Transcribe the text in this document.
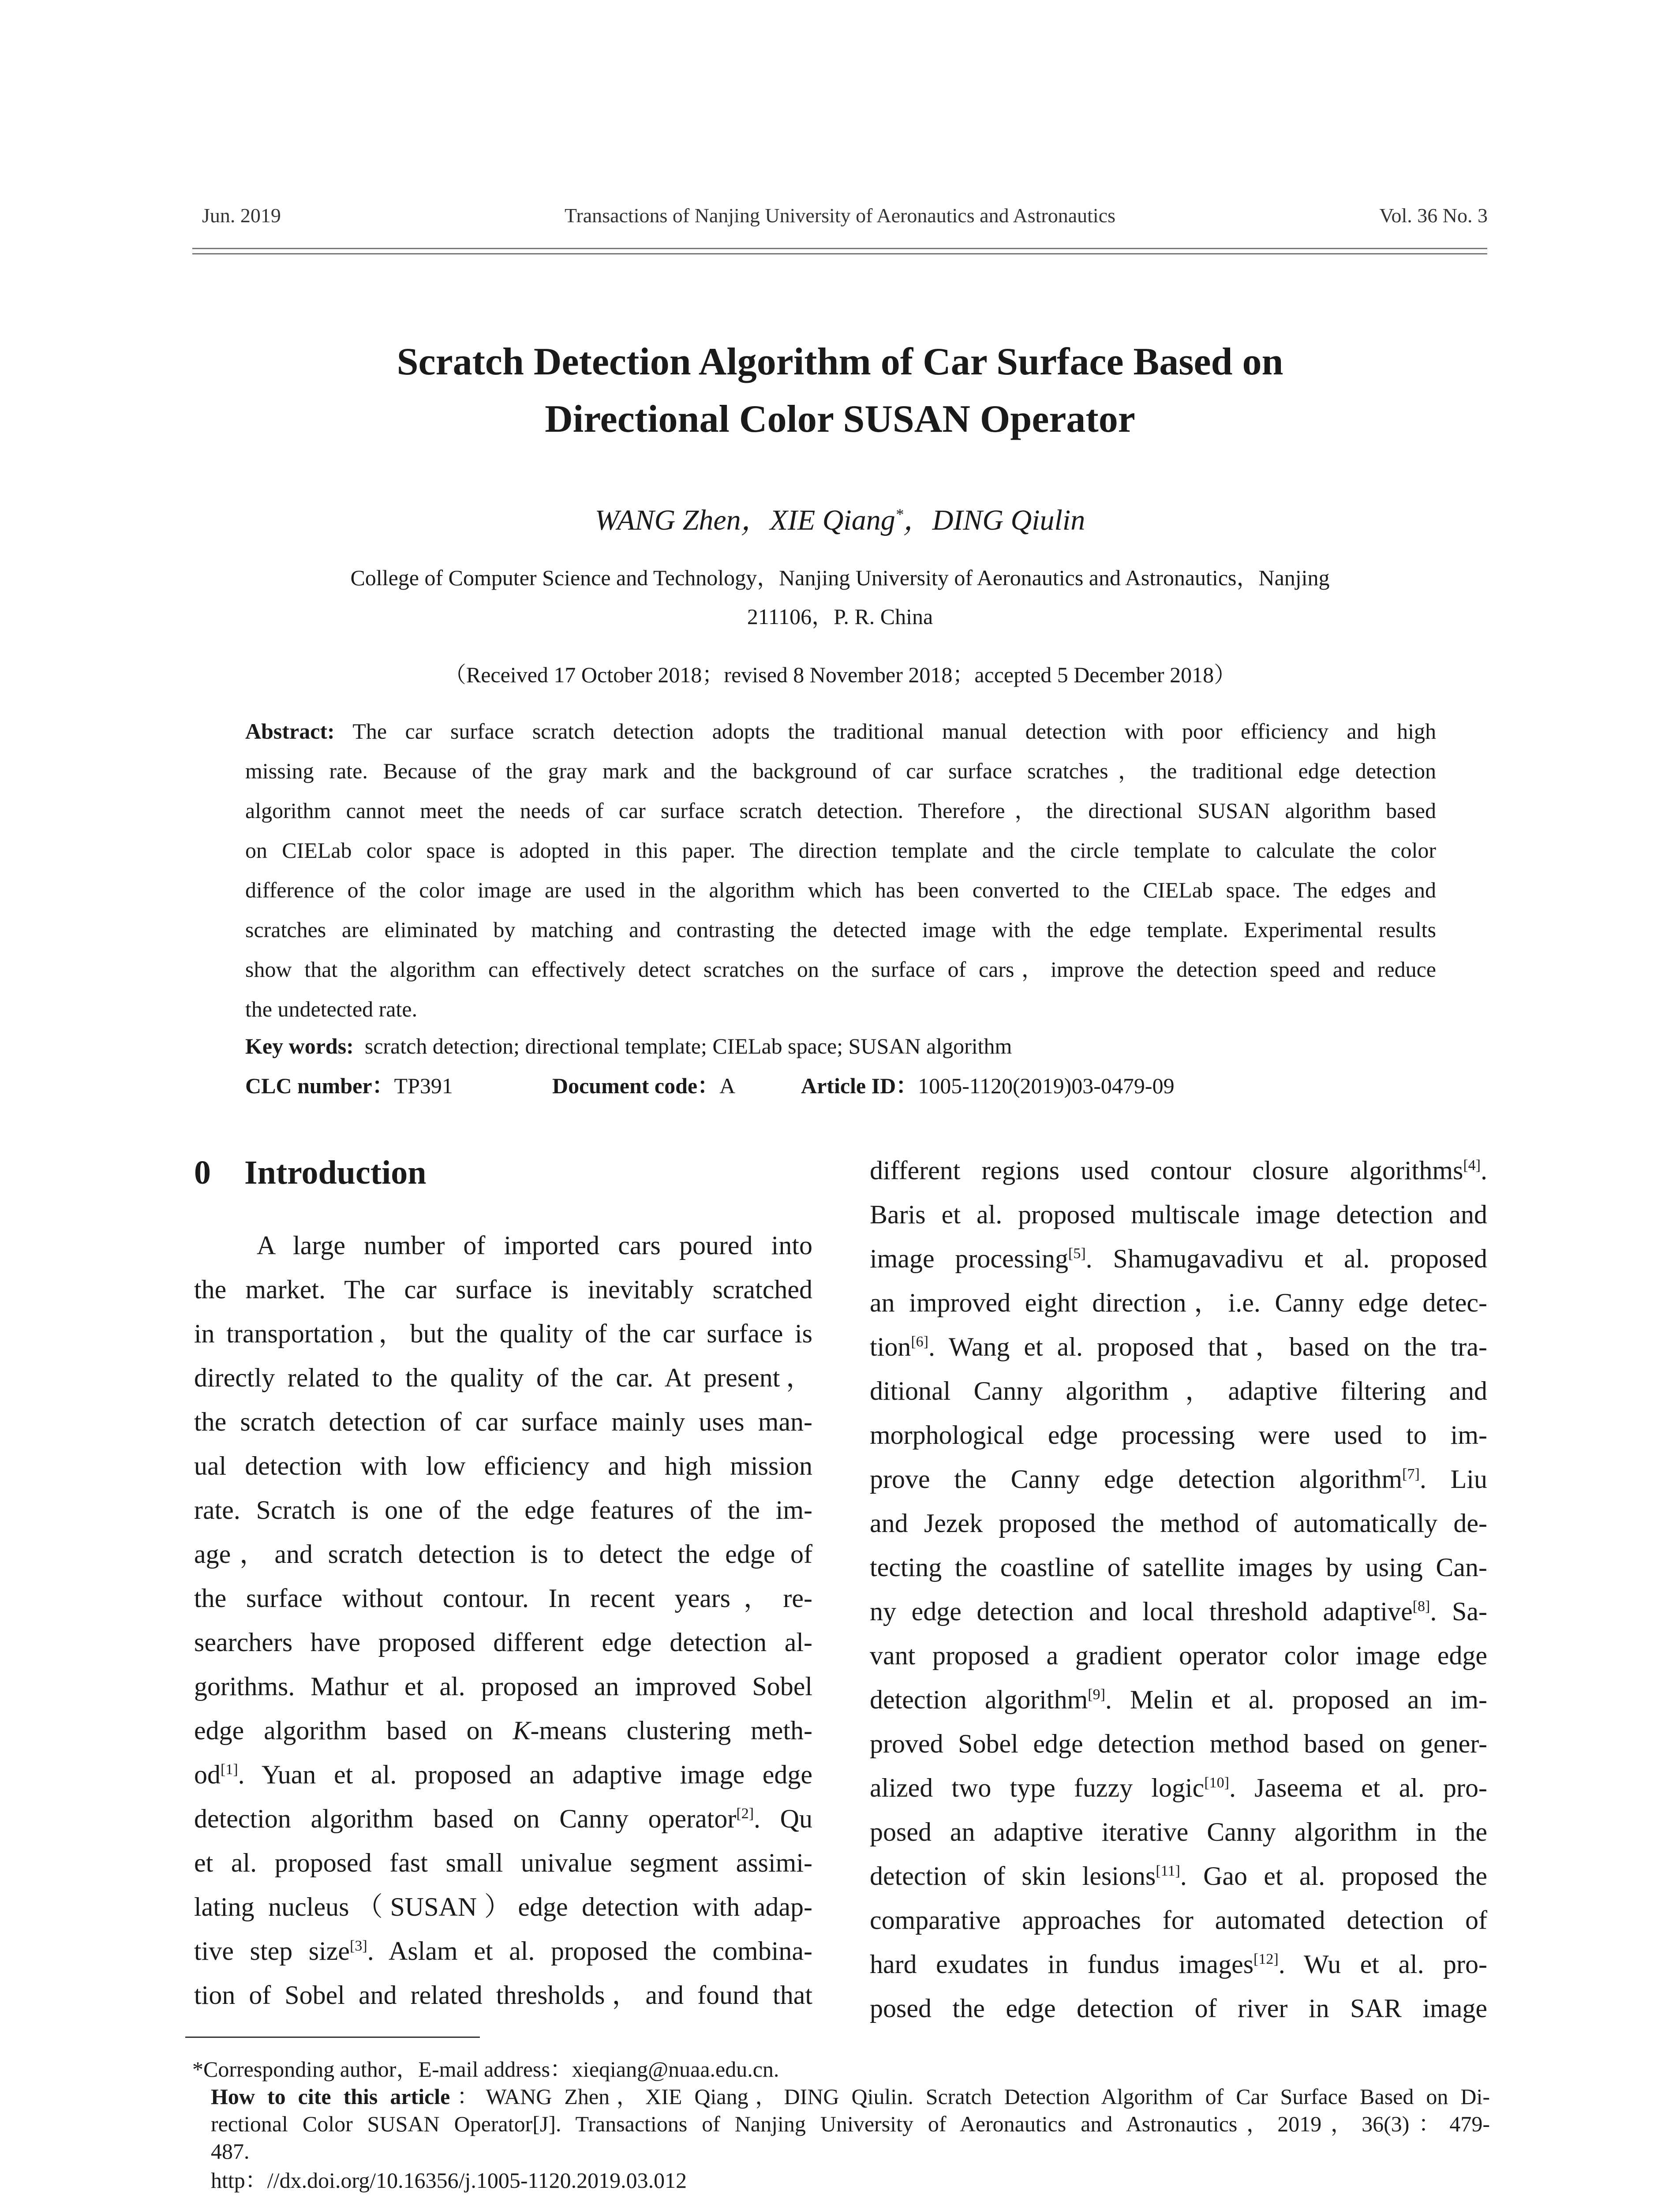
Jun. 2019	Transactions of Nanjing University of Aeronautics and Astronautics	Vol. 36 No. 3
Scratch Detection Algorithm of Car Surface Based on
Directional Color SUSAN Operator
WANG Zhen，XIE Qiang*，DING Qiulin
College of Computer Science and Technology，Nanjing University of Aeronautics and Astronautics，Nanjing
211106，P. R. China
（Received 17 October 2018；revised 8 November 2018；accepted 5 December 2018）
Abstract: The car surface scratch detection adopts the traditional manual detection with poor efficiency and high
missing rate. Because of the gray mark and the background of car surface scratches，the traditional edge detection
algorithm cannot meet the needs of car surface scratch detection. Therefore，the directional SUSAN algorithm based
on CIELab color space is adopted in this paper. The direction template and the circle template to calculate the color
difference of the color image are used in the algorithm which has been converted to the CIELab space. The edges and
scratches are eliminated by matching and contrasting the detected image with the edge template. Experimental results
show that the algorithm can effectively detect scratches on the surface of cars，improve the detection speed and reduce
the undetected rate.
Key words: scratch detection; directional template; CIELab space; SUSAN algorithm
CLC number：TP391	Document code：A	Article ID：1005-1120(2019)03-0479-09
0 Introduction
A large number of imported cars poured into
the market. The car surface is inevitably scratched
in transportation，but the quality of the car surface is
directly related to the quality of the car. At present，
the scratch detection of car surface mainly uses man-
ual detection with low efficiency and high mission
rate. Scratch is one of the edge features of the im-
age，and scratch detection is to detect the edge of
the surface without contour. In recent years，re-
searchers have proposed different edge detection al-
gorithms. Mathur et al. proposed an improved Sobel
edge algorithm based on K-means clustering meth-
od[1]. Yuan et al. proposed an adaptive image edge
detection algorithm based on Canny operator[2]. Qu
et al. proposed fast small univalue segment assimi-
lating nucleus（SUSAN）edge detection with adap-
tive step size[3]. Aslam et al. proposed the combina-
tion of Sobel and related thresholds，and found that
different regions used contour closure algorithms[4].
Baris et al. proposed multiscale image detection and
image processing[5]. Shamugavadivu et al. proposed
an improved eight direction，i.e. Canny edge detec-
tion[6]. Wang et al. proposed that，based on the tra-
ditional Canny algorithm，adaptive filtering and
morphological edge processing were used to im-
prove the Canny edge detection algorithm[7]. Liu
and Jezek proposed the method of automatically de-
tecting the coastline of satellite images by using Can-
ny edge detection and local threshold adaptive[8]. Sa-
vant proposed a gradient operator color image edge
detection algorithm[9]. Melin et al. proposed an im-
proved Sobel edge detection method based on gener-
alized two type fuzzy logic[10]. Jaseema et al. pro-
posed an adaptive iterative Canny algorithm in the
detection of skin lesions[11]. Gao et al. proposed the
comparative approaches for automated detection of
hard exudates in fundus images[12]. Wu et al. pro-
posed the edge detection of river in SAR image
*Corresponding author，E-mail address：xieqiang@nuaa.edu.cn.
How to cite this article：WANG Zhen，XIE Qiang，DING Qiulin. Scratch Detection Algorithm of Car Surface Based on Di-
rectional Color SUSAN Operator[J]. Transactions of Nanjing University of Aeronautics and Astronautics，2019，36(3)：479-
487.
http：//dx.doi.org/10.16356/j.1005-1120.2019.03.012
